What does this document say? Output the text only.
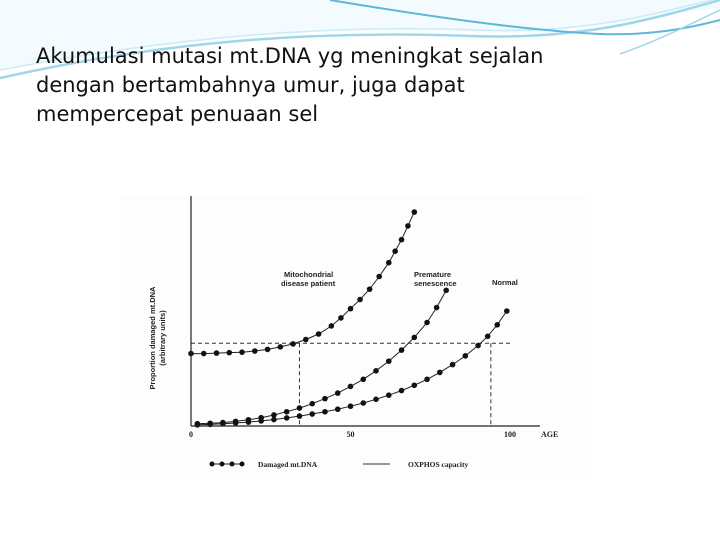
Akumulasi mutasi mt.DNA yg meningkat sejalan
dengan bertambahnya umur, juga dapat
mempercepat penuaan sel
0	50	100	AGE
Proportion damaged mt.DNA (arbitrary units)
Mitochondrial
disease patient
Premature
senescence	Normal
Damaged mt.DNA	OXPHOS capacity
